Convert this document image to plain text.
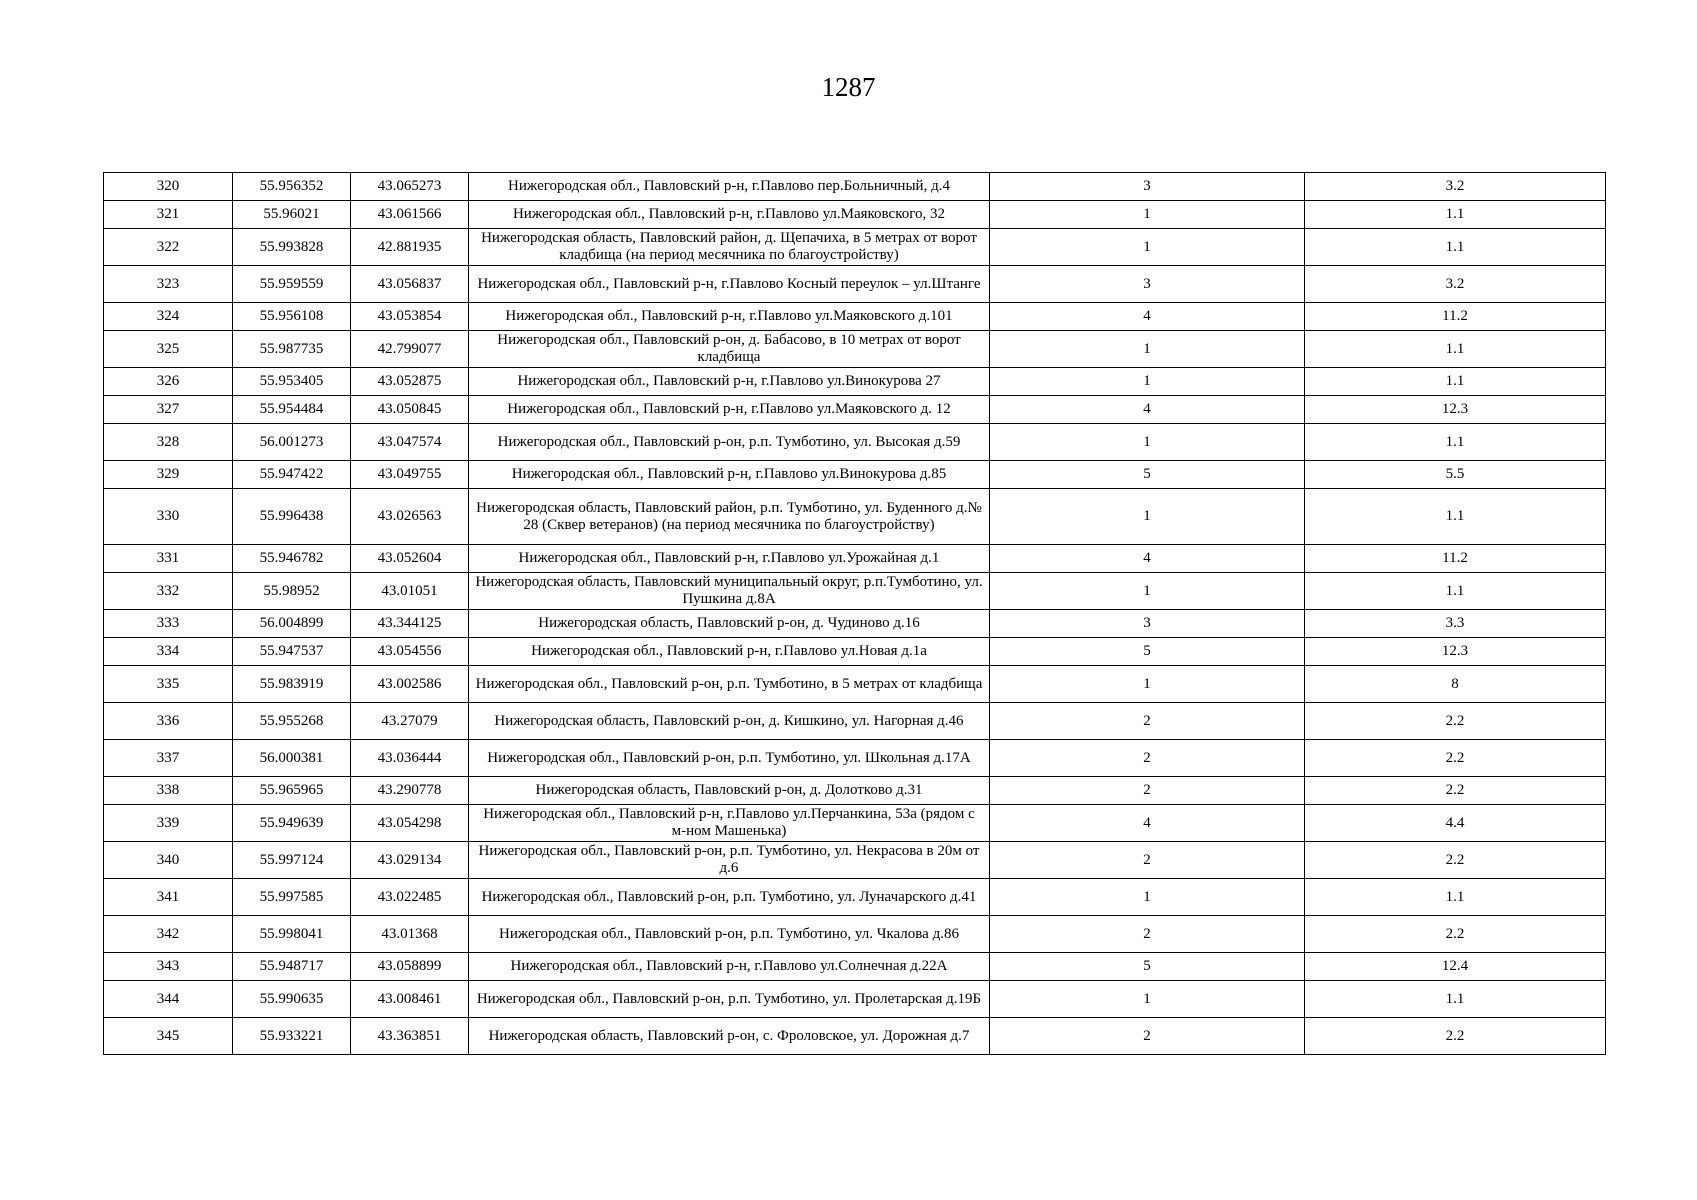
1287
320	55.956352	43.065273	Нижегородская обл., Павловский р-н, г.Павлово пер.Больничный, д.4	3	3.2
321	55.96021	43.061566	Нижегородская обл., Павловский р-н, г.Павлово ул.Маяковского, 32	1	1.1
322	55.993828	42.881935	Нижегородская область, Павловский район, д. Щепачиха, в 5 метрах от ворот кладбища (на период месячника по благоустройству)	1	1.1
323	55.959559	43.056837	Нижегородская обл., Павловский р-н, г.Павлово Косный переулок – ул.Штанге	3	3.2
324	55.956108	43.053854	Нижегородская обл., Павловский р-н, г.Павлово ул.Маяковского д.101	4	11.2
325	55.987735	42.799077	Нижегородская обл., Павловский р-он, д. Бабасово, в 10 метрах от ворот кладбища	1	1.1
326	55.953405	43.052875	Нижегородская обл., Павловский р-н, г.Павлово ул.Винокурова 27	1	1.1
327	55.954484	43.050845	Нижегородская обл., Павловский р-н, г.Павлово ул.Маяковского д. 12	4	12.3
328	56.001273	43.047574	Нижегородская обл., Павловский р-он, р.п. Тумботино, ул. Высокая д.59	1	1.1
329	55.947422	43.049755	Нижегородская обл., Павловский р-н, г.Павлово ул.Винокурова д.85	5	5.5
330	55.996438	43.026563	Нижегородская область, Павловский район, р.п. Тумботино, ул. Буденного д.№ 28 (Сквер ветеранов) (на период месячника по благоустройству)	1	1.1
331	55.946782	43.052604	Нижегородская обл., Павловский р-н, г.Павлово ул.Урожайная д.1	4	11.2
332	55.98952	43.01051	Нижегородская область, Павловский муниципальный округ, р.п.Тумботино, ул. Пушкина д.8А	1	1.1
333	56.004899	43.344125	Нижегородская область, Павловский р-он, д. Чудиново д.16	3	3.3
334	55.947537	43.054556	Нижегородская обл., Павловский р-н, г.Павлово ул.Новая д.1а	5	12.3
335	55.983919	43.002586	Нижегородская обл., Павловский р-он, р.п. Тумботино, в 5 метрах от кладбища	1	8
336	55.955268	43.27079	Нижегородская область, Павловский р-он, д. Кишкино, ул. Нагорная д.46	2	2.2
337	56.000381	43.036444	Нижегородская обл., Павловский р-он, р.п. Тумботино, ул. Школьная д.17А	2	2.2
338	55.965965	43.290778	Нижегородская область, Павловский р-он, д. Долотково д.31	2	2.2
339	55.949639	43.054298	Нижегородская обл., Павловский р-н, г.Павлово ул.Перчанкина, 53а (рядом с м-ном Машенька)	4	4.4
340	55.997124	43.029134	Нижегородская обл., Павловский р-он, р.п. Тумботино, ул. Некрасова в 20м от д.6	2	2.2
341	55.997585	43.022485	Нижегородская обл., Павловский р-он, р.п. Тумботино, ул. Луначарского д.41	1	1.1
342	55.998041	43.01368	Нижегородская обл., Павловский р-он, р.п. Тумботино, ул. Чкалова д.86	2	2.2
343	55.948717	43.058899	Нижегородская обл., Павловский р-н, г.Павлово ул.Солнечная д.22А	5	12.4
344	55.990635	43.008461	Нижегородская обл., Павловский р-он, р.п. Тумботино, ул. Пролетарская д.19Б	1	1.1
345	55.933221	43.363851	Нижегородская область, Павловский р-он, с. Фроловское, ул. Дорожная д.7	2	2.2
